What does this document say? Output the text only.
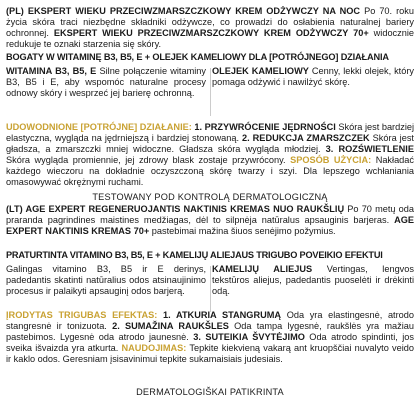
(PL) EKSPERT WIEKU PRZECIWZMARSZCZKOWY KREM ODŻYWCZY NA NOC Po 70. roku życia skóra traci niezbędne składniki odżywcze, co prowadzi do osłabienia naturalnej bariery ochronnej. EKSPERT WIEKU PRZECIWZMARSZCZKOWY KREM ODŻYWCZY 70+ widocznie redukuje te oznaki starzenia się skóry.
BOGATY W WITAMINĘ B3, B5, E + OLEJEK KAMELIOWY DLA [POTRÓJNEGO] DZIAŁANIA
WITAMINA B3, B5, E Silne połączenie witaminy B3, B5 i E, aby wspomóc naturalne procesy odnowy skóry i wesprzeć jej barierę ochronną.
OLEJEK KAMELIOWY Cenny, lekki olejek, który pomaga odżywić i nawilżyć skórę.
UDOWODNIONE [POTRÓJNE] DZIAŁANIE: 1. PRZYWRÓCENIE JĘDRNOŚCI Skóra jest bardziej elastyczna, wygląda na jędrniejszą i bardziej stonowaną. 2. REDUKCJA ZMARSZCZEK Skóra jest gładsza, a zmarszczki mniej widoczne. Gładsza skóra wygląda młodziej. 3. ROZŚWIETLENIE Skóra wygląda promiennie, jej zdrowy blask zostaje przywrócony. SPOSÓB UŻYCIA: Nakładać każdego wieczoru na dokładnie oczyszczoną skórę twarzy i szyi. Dla lepszego wchłaniania omasowywać okrężnymi ruchami.
TESTOWANY POD KONTROLĄ DERMATOLOGICZNĄ
(LT) AGE EXPERT REGENERUOJANTIS NAKTINIS KREMAS NUO RAUKŠLIŲ Po 70 metų oda praranda pagrindines maistines medžiagas, dėl to silpnėja natūralus apsauginis barjeras. AGE EXPERT NAKTINIS KREMAS 70+ pastebimai mažina šiuos senėjimo požymius.
PRATURTINTA VITAMINO B3, B5, E + KAMELIJŲ ALIEJAUS TRIGUBO POVEIKIO EFEKTUI
Galingas vitamino B3, B5 ir E derinys, padedantis skatinti natūralius odos atsinaujinimo procesus ir palaikyti apsauginį odos barjerą.
KAMELIJŲ ALIEJUS Vertingas, lengvos tekstūros aliejus, padedantis puoselėti ir drėkinti odą.
ĮRODYTAS TRIGUBAS EFEKTAS: 1. ATKURIA STANGRUMĄ Oda yra elastingesnė, atrodo stangresnė ir tonizuota. 2. SUMAŽINA RAUKŠLES Oda tampa lygesnė, raukšlės yra mažiau pastebimos. Lygesnė oda atrodo jaunesnė. 3. SUTEIKIA ŠVYTĖJIMO Oda atrodo spindinti, jos sveika išvaizda yra atkurta. NAUDOJIMAS: Tepkite kiekvieną vakarą ant kruopščiai nuvalyto veido ir kaklo odos. Geresniam įsisavinimui tepkite sukamaisiais judesiais.
DERMATOLOGIŠKAI PATIKRINTA
